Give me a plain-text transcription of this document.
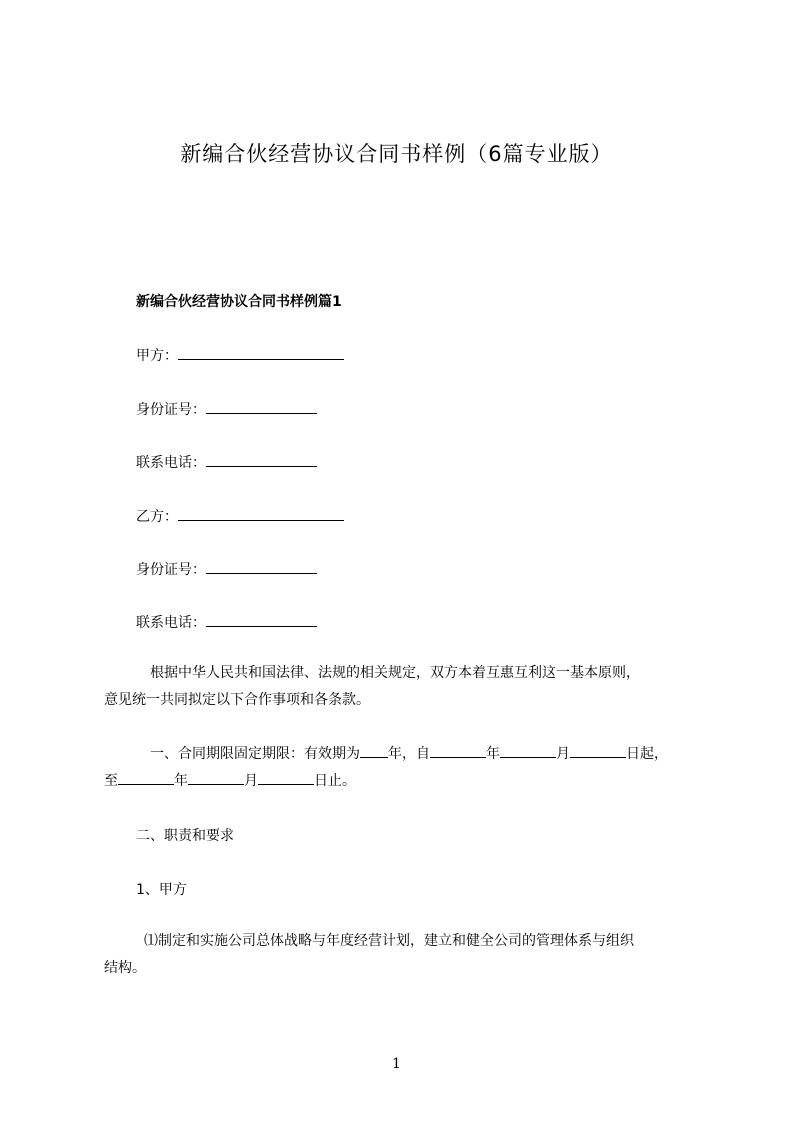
新编合伙经营协议合同书样例（6篇专业版）
新编合伙经营协议合同书样例篇1
甲方：
身份证号：
联系电话：
乙方：
身份证号：
联系电话：
根据中华人民共和国法律、法规的相关规定，双方本着互惠互利这一基本原则，
意见统一共同拟定以下合作事项和各条款。
一、合同期限固定期限：有效期为 年，自	年	月	日起，
至	年	月	日止。
二、职责和要求
1、甲方
⑴制定和实施公司总体战略与年度经营计划，建立和健全公司的管理体系与组织
结构。
1
